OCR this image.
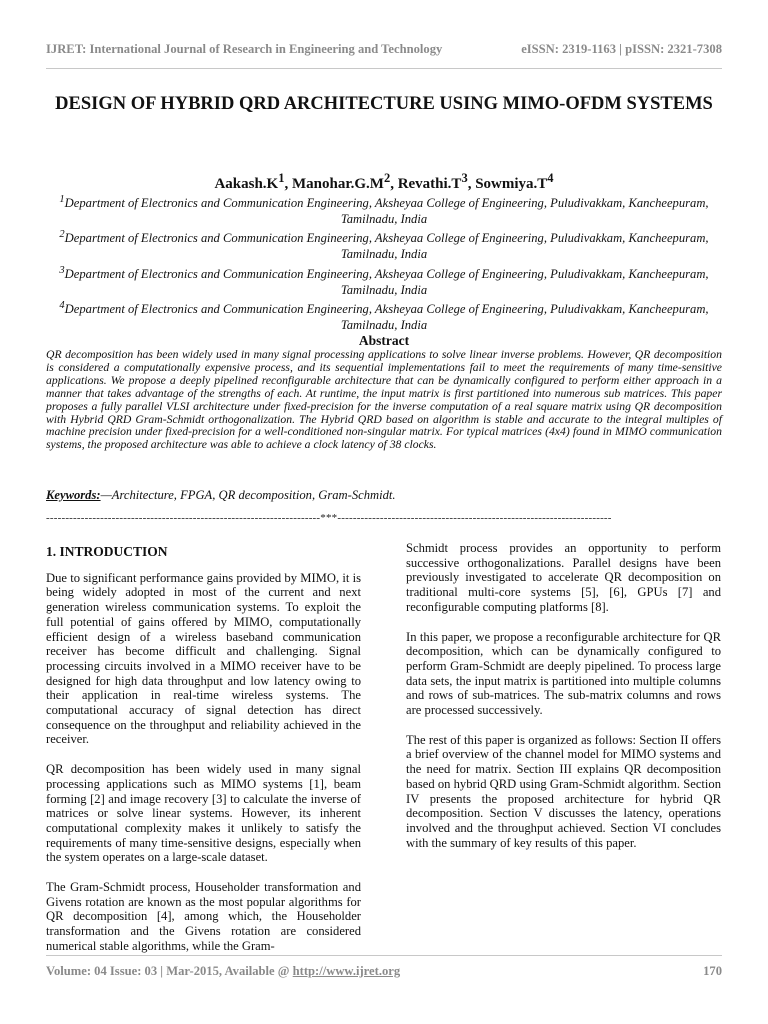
IJRET: International Journal of Research in Engineering and Technology	eISSN: 2319-1163 | pISSN: 2321-7308
DESIGN OF HYBRID QRD ARCHITECTURE USING MIMO-OFDM SYSTEMS
$Aakash.K^1$, $Manohar.G.M^2$, $Revathi.T^3$, $Sowmiya.T^4$

$^1$Department of Electronics and Communication Engineering, Aksheyaa College of Engineering, Puludivakkam, Kancheepuram, Tamilnadu, India

$^2$Department of Electronics and Communication Engineering, Aksheyaa College of Engineering, Puludivakkam, Kancheepuram, Tamilnadu, India

$^3$Department of Electronics and Communication Engineering, Aksheyaa College of Engineering, Puludivakkam, Kancheepuram, Tamilnadu, India

$^4$Department of Electronics and Communication Engineering, Aksheyaa College of Engineering, Puludivakkam, Kancheepuram, Tamilnadu, India

Abstract

QR decomposition has been widely used in many signal processing applications to solve linear inverse problems. However, QR decomposition is considered a computationally expensive process, and its sequential implementations fail to meet the requirements of many time-sensitive applications. We propose a deeply pipelined reconfigurable architecture that can be dynamically configured to perform either approach in a manner that takes advantage of the strengths of each. At runtime, the input matrix is first partitioned into numerous sub matrices. This paper proposes a fully parallel VLSI architecture under fixed-precision for the inverse computation of a real square matrix using QR decomposition with Hybrid QRD Gram-Schmidt orthogonalization. The Hybrid QRD based on algorithm is stable and accurate to the integral multiples of machine precision under fixed-precision for a well-conditioned non-singular matrix. For typical matrices (4x4) found in MIMO communication systems, the proposed architecture was able to achieve a clock latency of 38 clocks.

Keywords:—Architecture, FPGA, QR decomposition, Gram-Schmidt.
-----------------------------------------------------------------------***-----------------------------------------------------------------------
1. INTRODUCTION

Due to significant performance gains provided by MIMO, it is being widely adopted in most of the current and next generation wireless communication systems. To exploit the full potential of gains offered by MIMO, computationally efficient design of a wireless baseband communication receiver has become difficult and challenging. Signal processing circuits involved in a MIMO receiver have to be designed for high data throughput and low latency owing to their application in real-time wireless systems. The computational accuracy of signal detection has direct consequence on the throughput and reliability achieved in the receiver.

QR decomposition has been widely used in many signal processing applications such as MIMO systems [1], beam forming [2] and image recovery [3] to calculate the inverse of matrices or solve linear systems. However, its inherent computational complexity makes it unlikely to satisfy the requirements of many time-sensitive designs, especially when the system operates on a large-scale dataset.

The Gram-Schmidt process, Householder transformation and Givens rotation are known as the most popular algorithms for QR decomposition [4], among which, the Householder transformation and the Givens rotation are considered numerical stable algorithms, while the Gram-

Schmidt process provides an opportunity to perform successive orthogonalizations. Parallel designs have been previously investigated to accelerate QR decomposition on traditional multi-core systems [5], [6], GPUs [7] and reconfigurable computing platforms [8].

In this paper, we propose a reconfigurable architecture for QR decomposition, which can be dynamically configured to perform Gram-Schmidt are deeply pipelined. To process large data sets, the input matrix is partitioned into multiple columns and rows of sub-matrices. The sub-matrix columns and rows are processed successively.

The rest of this paper is organized as follows: Section II offers a brief overview of the channel model for MIMO systems and the need for matrix. Section III explains QR decomposition based on hybrid QRD using Gram-Schmidt algorithm. Section IV presents the proposed architecture for hybrid QR decomposition. Section V discusses the latency, operations involved and the throughput achieved. Section VI concludes with the summary of key results of this paper.

Volume: 04 Issue: 03 | Mar-2015, Available @ http://www.ijret.org	170
